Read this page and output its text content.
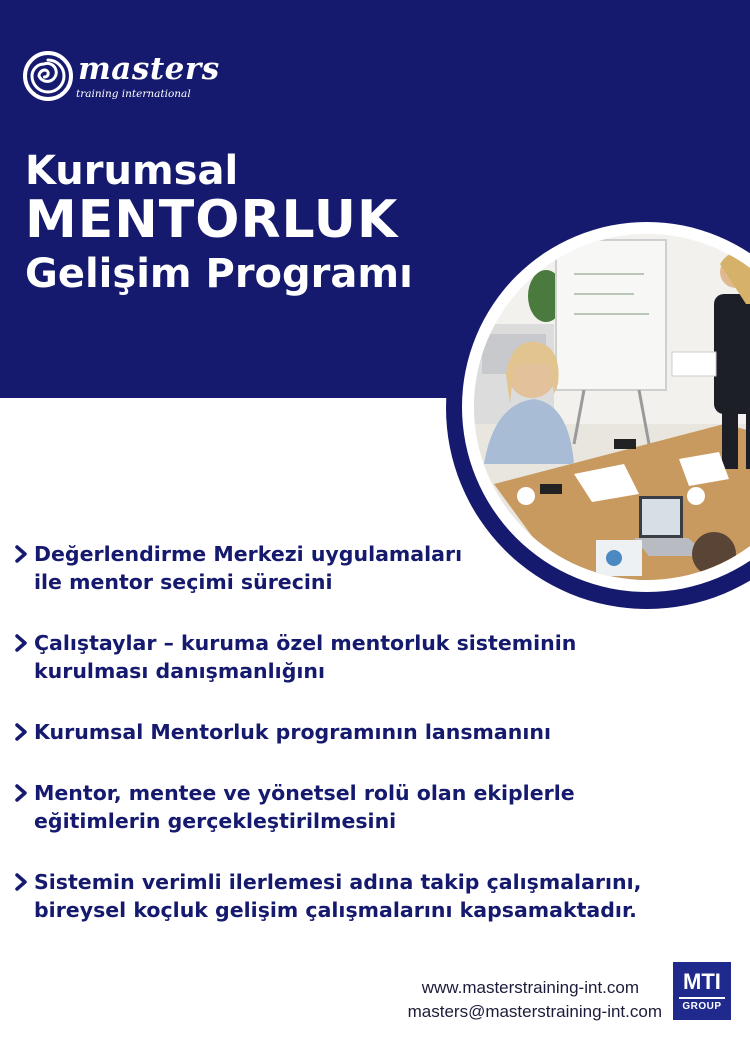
masters
training international
Kurumsal
MENTORLUK
Gelişim Programı
Değerlendirme Merkezi uygulamaları
ile mentor seçimi sürecini
Çalıştaylar – kuruma özel mentorluk sisteminin
kurulması danışmanlığını
Kurumsal Mentorluk programının lansmanını
Mentor, mentee ve yönetsel rolü olan ekiplerle
eğitimlerin gerçekleştirilmesini
Sistemin verimli ilerlemesi adına takip çalışmalarını,
bireysel koçluk gelişim çalışmalarını kapsamaktadır.
www.masterstraining-int.com
masters@masterstraining-int.com
MTI
GROUP
